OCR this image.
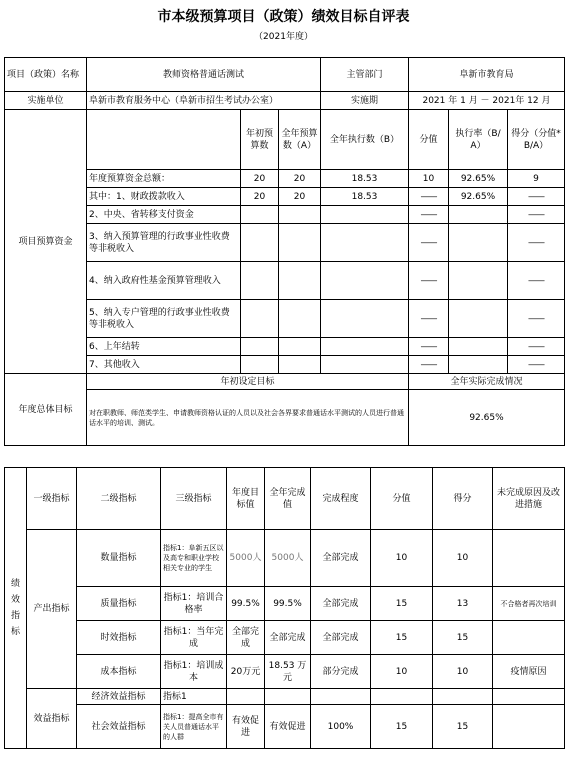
市本级预算项目（政策）绩效目标自评表
（2021年度）
项目（政策）名称	教师资格普通话测试			主管部门	阜新市教育局		
实施单位	阜新市教育服务中心（阜新市招生考试办公室）			实施期	2021 年 1 月 － 2021年 12 月		
项目预算资金		年初预算数	全年预算数（A）	全年执行数（B）	分值	执行率（B/A）	得分（分值*B/A）
	年度预算资金总额：	20	20	18.53	10	92.65%	9
	其中：1、财政拨款收入	20	20	18.53	——	92.65%	——
	2、中央、省转移支付资金				——		——
	3、纳入预算管理的行政事业性收费等非税收入				——		——
	4、纳入政府性基金预算管理收入				——		——
	5、纳入专户管理的行政事业性收费等非税收入				——		——
	6、上年结转				——		——
	7、其他收入				——		——
年度总体目标	年初设定目标				全年实际完成情况		
	对在职教师、师范类学生、申请教师资格认证的人员以及社会各界要求普通话水平测试的人员进行普通话水平的培训、测试。				92.65%		
绩效指标	一级指标	二级指标	三级指标	年度目标值	全年完成值	完成程度	分值	得分	未完成原因及改进措施
	产出指标	数量指标	指标1：阜新五区以及高专和职业学校相关专业的学生	5000人	5000人	全部完成	10	10	
		质量指标	指标1：培训合格率	99.5%	99.5%	全部完成	15	13	不合格者再次培训
		时效指标	指标1：当年完成	全部完成	全部完成	全部完成	15	15	
		成本指标	指标1：培训成本	20万元	18.53 万元	部分完成	10	10	疫情原因
	效益指标	经济效益指标	指标1						
		社会效益指标	指标1：提高全市有关人员普通话水平的人群	有效促进	有效促进	100%	15	15	
